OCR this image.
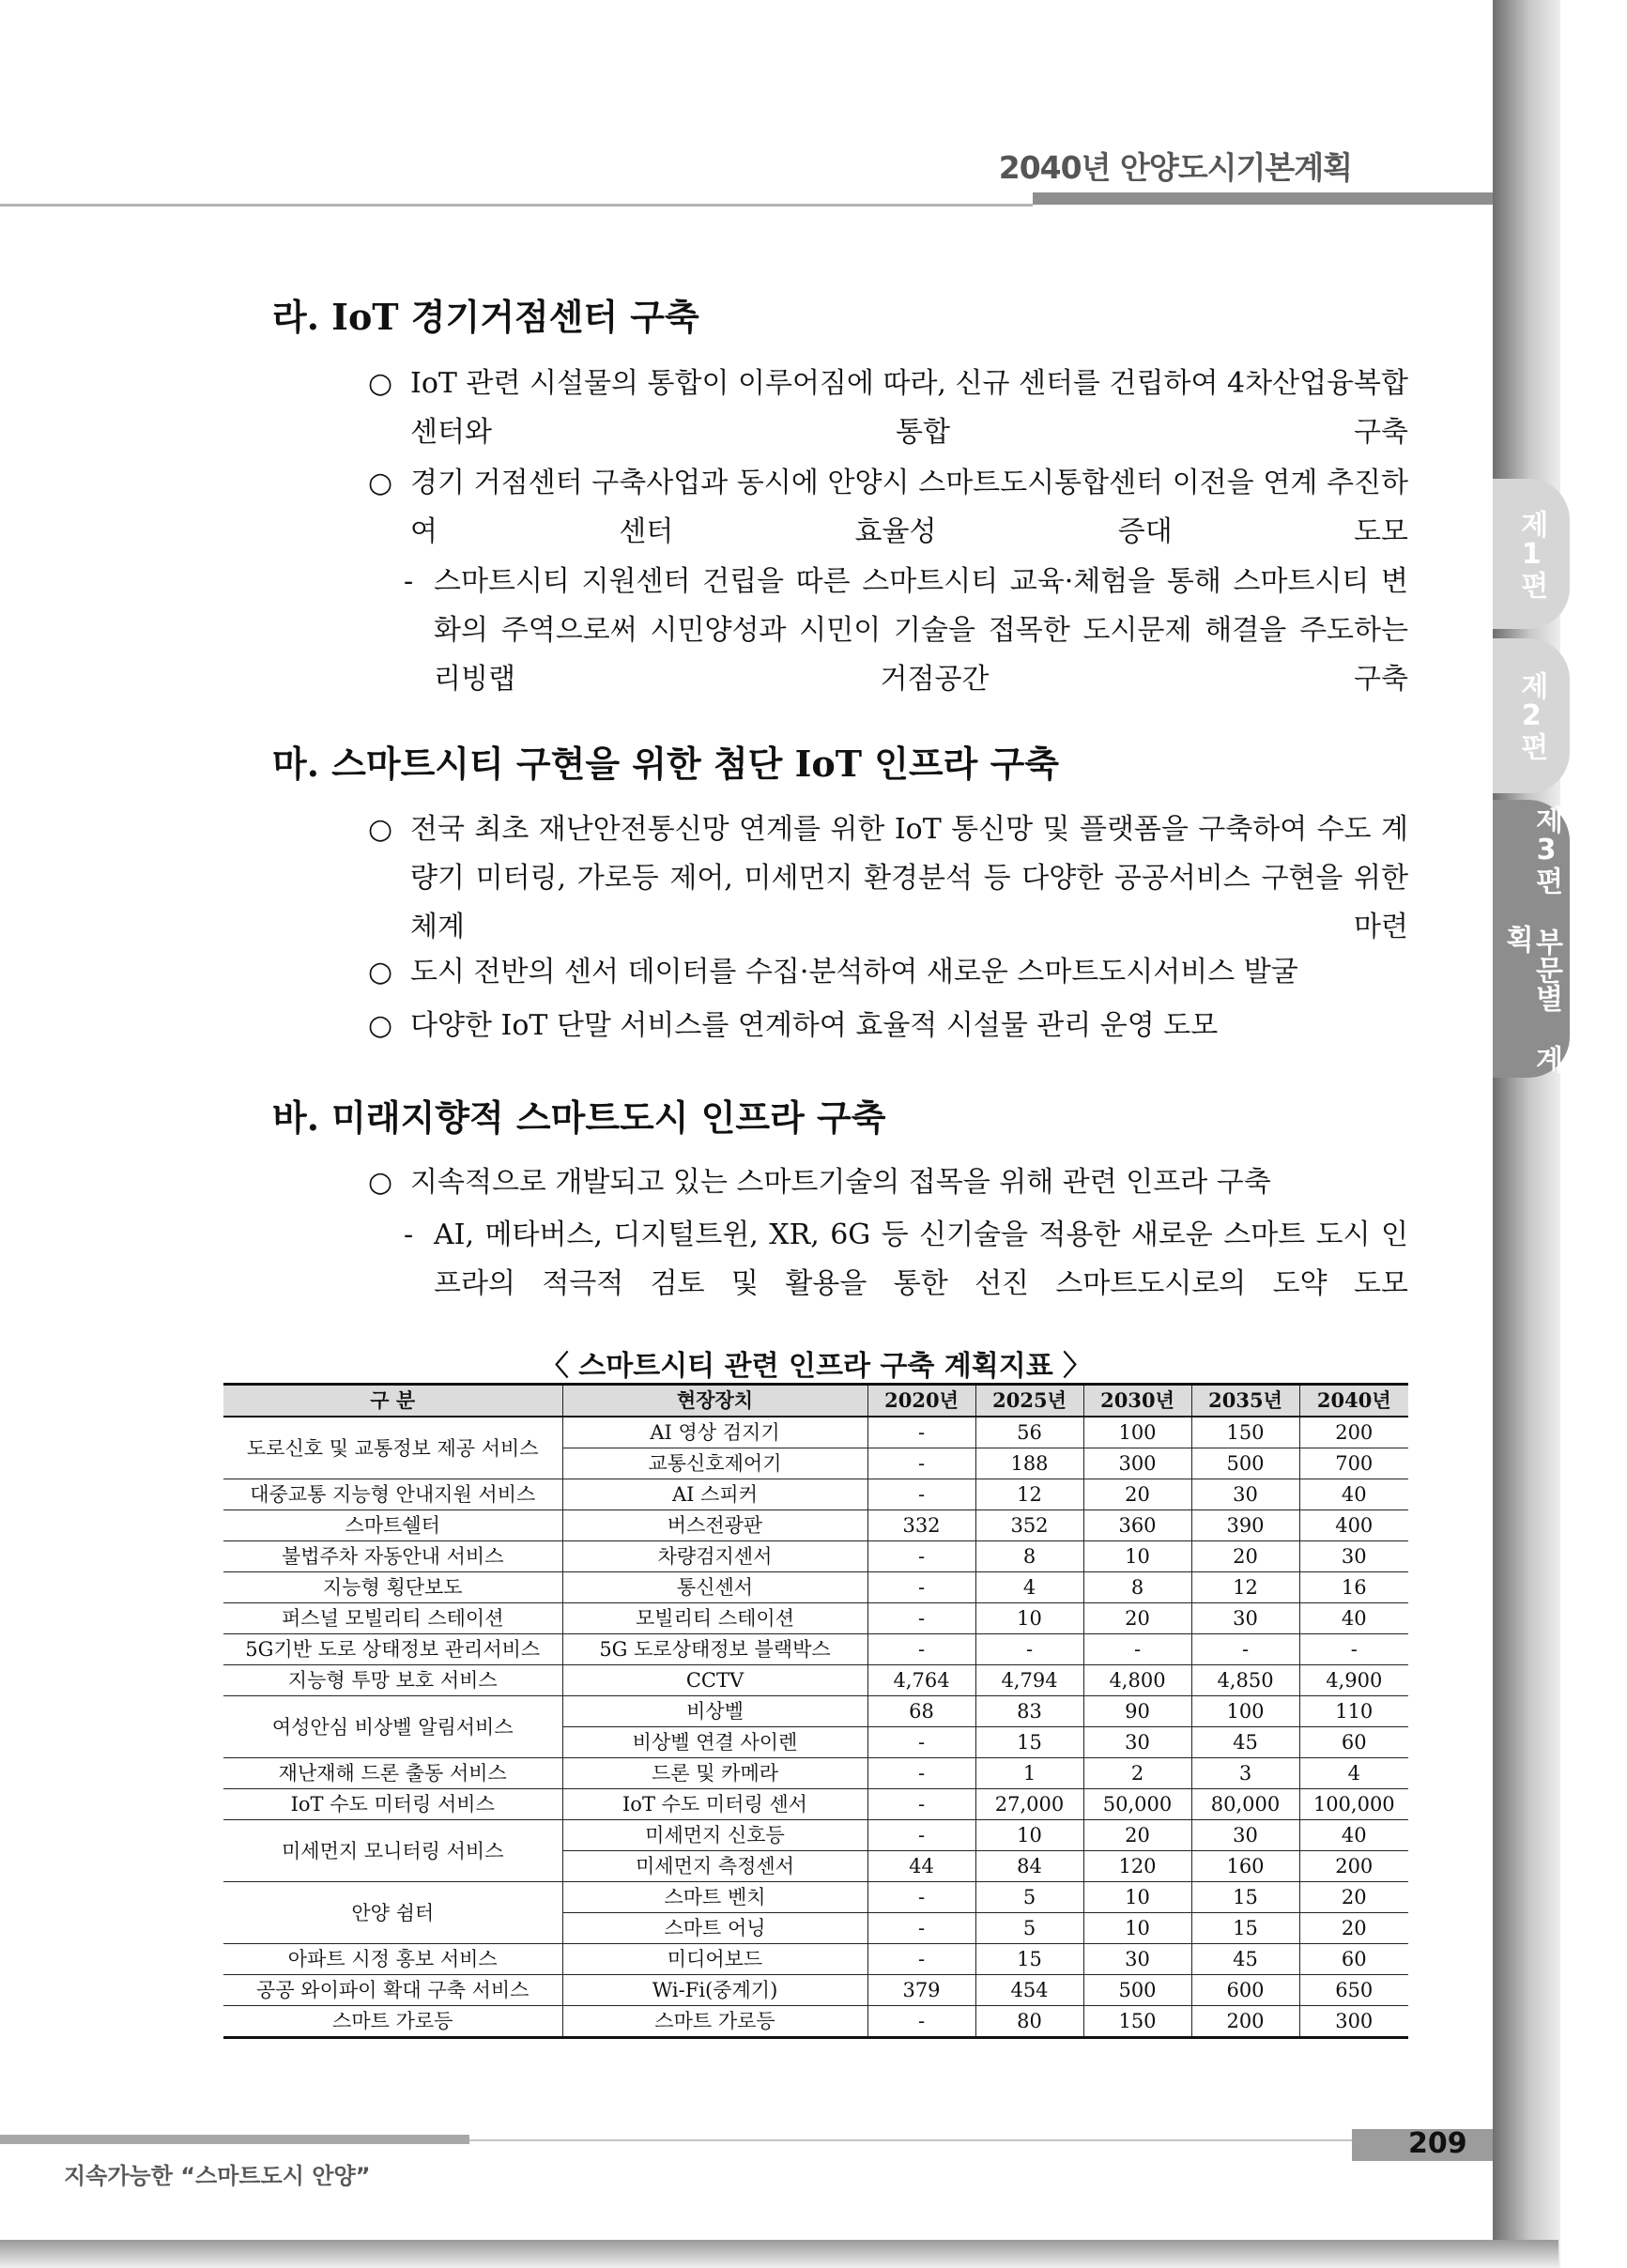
2040년 안양도시기본계획
라. IoT 경기거점센터 구축
○ IoT 관련 시설물의 통합이 이루어짐에 따라, 신규 센터를 건립하여 4차산업융복합 센터와 통합 구축
○ 경기 거점센터 구축사업과 동시에 안양시 스마트도시통합센터 이전을 연계 추진하여 센터 효율성 증대 도모
- 스마트시티 지원센터 건립을 따른 스마트시티 교육·체험을 통해 스마트시티 변화의 주역으로써 시민양성과 시민이 기술을 접목한 도시문제 해결을 주도하는 리빙랩 거점공간 구축
마. 스마트시티 구현을 위한 첨단 IoT 인프라 구축
○ 전국 최초 재난안전통신망 연계를 위한 IoT 통신망 및 플랫폼을 구축하여 수도 계량기 미터링, 가로등 제어, 미세먼지 환경분석 등 다양한 공공서비스 구현을 위한 체계 마련
○ 도시 전반의 센서 데이터를 수집·분석하여 새로운 스마트도시서비스 발굴
○ 다양한 IoT 단말 서비스를 연계하여 효율적 시설물 관리 운영 도모
바. 미래지향적 스마트도시 인프라 구축
○ 지속적으로 개발되고 있는 스마트기술의 접목을 위해 관련 인프라 구축
- AI, 메타버스, 디지털트윈, XR, 6G 등 신기술을 적용한 새로운 스마트 도시 인프라의 적극적 검토 및 활용을 통한 선진 스마트도시로의 도약 도모
〈 스마트시티 관련 인프라 구축 계획지표 〉
구 분	현장장치	2020년	2025년	2030년	2035년	2040년
도로신호 및 교통정보 제공 서비스	AI 영상 검지기	-	56	100	150	200
	교통신호제어기	-	188	300	500	700
대중교통 지능형 안내지원 서비스	AI 스피커	-	12	20	30	40
스마트쉘터	버스전광판	332	352	360	390	400
불법주차 자동안내 서비스	차량검지센서	-	8	10	20	30
지능형 횡단보도	통신센서	-	4	8	12	16
퍼스널 모빌리티 스테이션	모빌리티 스테이션	-	10	20	30	40
5G기반 도로 상태정보 관리서비스	5G 도로상태정보 블랙박스	-	-	-	-	-
지능형 투망 보호 서비스	CCTV	4,764	4,794	4,800	4,850	4,900
여성안심 비상벨 알림서비스	비상벨	68	83	90	100	110
	비상벨 연결 사이렌	-	15	30	45	60
재난재해 드론 출동 서비스	드론 및 카메라	-	1	2	3	4
IoT 수도 미터링 서비스	IoT 수도 미터링 센서	-	27,000	50,000	80,000	100,000
미세먼지 모니터링 서비스	미세먼지 신호등	-	10	20	30	40
	미세먼지 측정센서	44	84	120	160	200
안양 쉼터	스마트 벤치	-	5	10	15	20
	스마트 어닝	-	5	10	15	20
아파트 시정 홍보 서비스	미디어보드	-	15	30	45	60
공공 와이파이 확대 구축 서비스	Wi-Fi(중계기)	379	454	500	600	650
스마트 가로등	스마트 가로등	-	80	150	200	300
209
지속가능한 “스마트도시 안양”
제1편
제2편
제3편 부문별 계획
